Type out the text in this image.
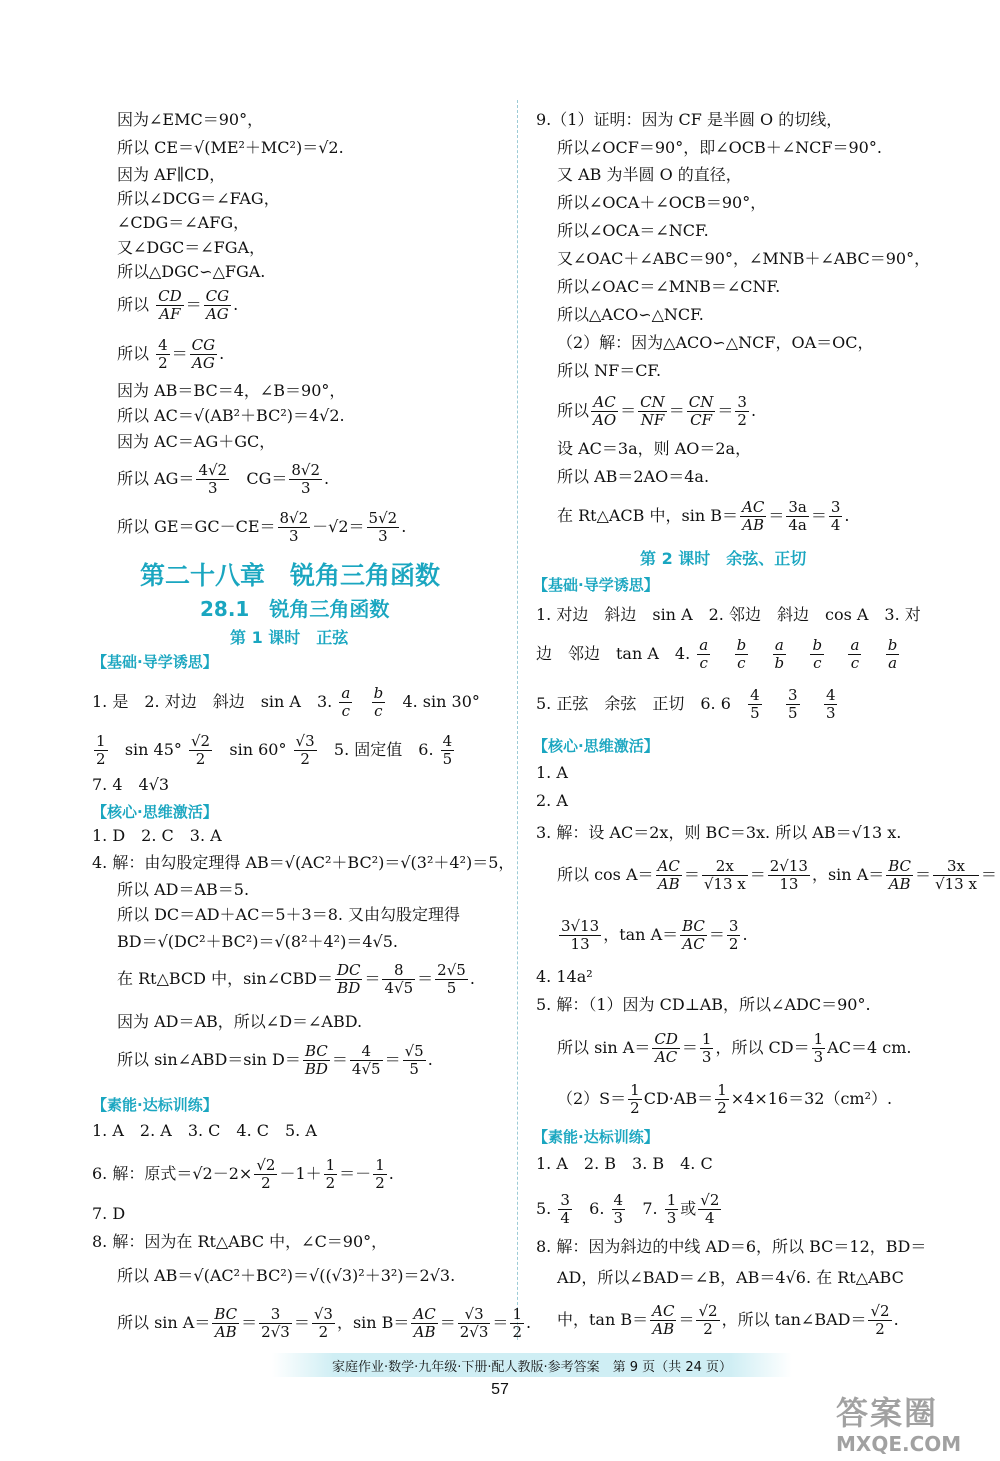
因为∠EMC＝90°，
所以 CE＝√(ME²＋MC²)＝√2.
因为 AF∥CD，
所以∠DCG＝∠FAG，
∠CDG＝∠AFG，
又∠DGC＝∠FGA，
所以△DGC∽△FGA.
所以 $\frac{CD}{AF} = \frac{CG}{AG}$ .
所以 $\frac{4}{2} = \frac{CG}{AG}$ .
因为 AB＝BC＝4，∠B＝90°，
所以 AC＝√(AB²＋BC²)＝4√2.
因为 AC＝AG＋GC，
所以 $AG= \frac{4√2}{3} CG= \frac{8√2}{3}$ .
所以 $GE=GC-CE= \frac{8√2}{3} -√2= \frac{5√2}{3}$ .
第二十八章　锐角三角函数
28.1　锐角三角函数
第 1 课时　正弦
【基础·导学诱思】
1. 是　2. 对边　斜边　sin A　3. $\frac{a}{c}$
$\frac{b}{c} 4$. sin 30°
$\frac{1}{2}$ $\sin 45^\circ \frac{√2}{2}$ $\sin 60^\circ \frac{√3}{2} 5$. 固定值　6. $\frac{4}{5}$
7. 4　4√3
【核心·思维激活】
1. D　2. C　3. A
4. 解：由勾股定理得 AB＝√(AC²＋BC²)＝√(3²＋4²)＝5，
所以 AD＝AB＝5.
所以 DC＝AD＋AC＝5＋3＝8. 又由勾股定理得
BD＝√(DC²＋BC²)＝√(8²＋4²)＝4√5.
在 Rt△BCD 中，sin∠CBD＝ $\frac{DC}{BD} = \frac{8}{4√5} = \frac{2√5}{5}$ .
因为 AD＝AB，所以∠D＝∠ABD.
所以 sin∠ABD＝sin $D= \frac{BC}{BD} = \frac{4}{4√5} = \frac{√5}{5}$ .
【素能·达标训练】
1. A　2. A　3. C　4. C　5. A
6. 解：原式$=√2-2\times \frac{√2}{2} -1+ \frac{1}{2} =- \frac{1}{2}$ .
7. D
8. 解：因为在 Rt△ABC 中，∠C＝90°，
所以 AB＝√(AC²＋BC²)＝√((√3)²＋3²)＝2√3.
所以 $\sin A= \frac{BC}{AB} = \frac{3}{2√3} = \frac{√3}{2}$ ，$\sin B= \frac{AC}{AB} = \frac{√3}{2√3} = \frac{1}{2}$ .
9.（1）证明：因为 CF 是半圆 O 的切线，
所以∠OCF＝90°，即∠OCB＋∠NCF＝90°.
又 AB 为半圆 O 的直径，
所以∠OCA＋∠OCB＝90°，
所以∠OCA＝∠NCF.
又∠OAC＋∠ABC＝90°，∠MNB＋∠ABC＝90°，
所以∠OAC＝∠MNB＝∠CNF.
所以△ACO∽△NCF.
（2）解：因为△ACO∽△NCF，OA＝OC，
所以 NF＝CF.
所以 $\frac{AC}{AO} = \frac{CN}{NF} = \frac{CN}{CF} = \frac{3}{2}$ .
设 AC＝3a，则 AO＝2a，
所以 AB＝2AO＝4a.
在 Rt△ACB 中，$\sin B= \frac{AC}{AB} = \frac{3a}{4a} = \frac{3}{4}$ .
第 2 课时　余弦、正切
【基础·导学诱思】
1. 对边　斜边　sin A　2. 邻边　斜边　cos A　3. 对
边　邻边　tan A　4. $\frac{a}{c}$
$\frac{b}{c}$
$\frac{a}{b}$
$\frac{b}{c}$
$\frac{a}{c}$
$\frac{b}{a}$
5. 正弦　余弦　正切　6. $6 \frac{4}{5}$
$\frac{3}{5}$
$\frac{4}{3}$
【核心·思维激活】
1. A
2. A
3. 解：设 AC＝2x，则 BC＝3x. 所以 AB＝√13 x.
所以 $\cos A= \frac{AC}{AB} = \frac{2x}{√13 x} = \frac{2√13}{13}$ ，$\sin A= \frac{BC}{AB} = \frac{3x}{√13 x}$ ＝
$\frac{3√13}{13}$ ，$\tan A= \frac{BC}{AC} = \frac{3}{2}$ .
4. 14a²
5. 解：（1）因为 CD⊥AB，所以∠ADC＝90°.
所以 $\sin A= \frac{CD}{AC} = \frac{1}{3}$ ，所以 $CD= \frac{1}{3} AC=4$ cm.
$(2)S= \frac{1}{2} CD\cdot AB= \frac{1}{2} \times 4\times 16=32(cm^2)$.
【素能·达标训练】
1. A　2. B　3. B　4. C
5. $\frac{3}{4} 6$. $\frac{4}{3} 7$. $\frac{1}{3}$ 或 $\frac{√2}{4}$
8. 解：因为斜边的中线 AD＝6，所以 BC＝12，BD＝
AD，所以∠BAD＝∠B，AB＝4√6. 在 Rt△ABC
中，$\tan B= \frac{AC}{AB} = \frac{√2}{2}$ ，所以 tan∠BAD＝ $\frac{√2}{2}$ .
家庭作业·数学·九年级·下册·配人教版·参考答案　第 9 页（共 24 页）
57
答案圈
MXQE.COM
